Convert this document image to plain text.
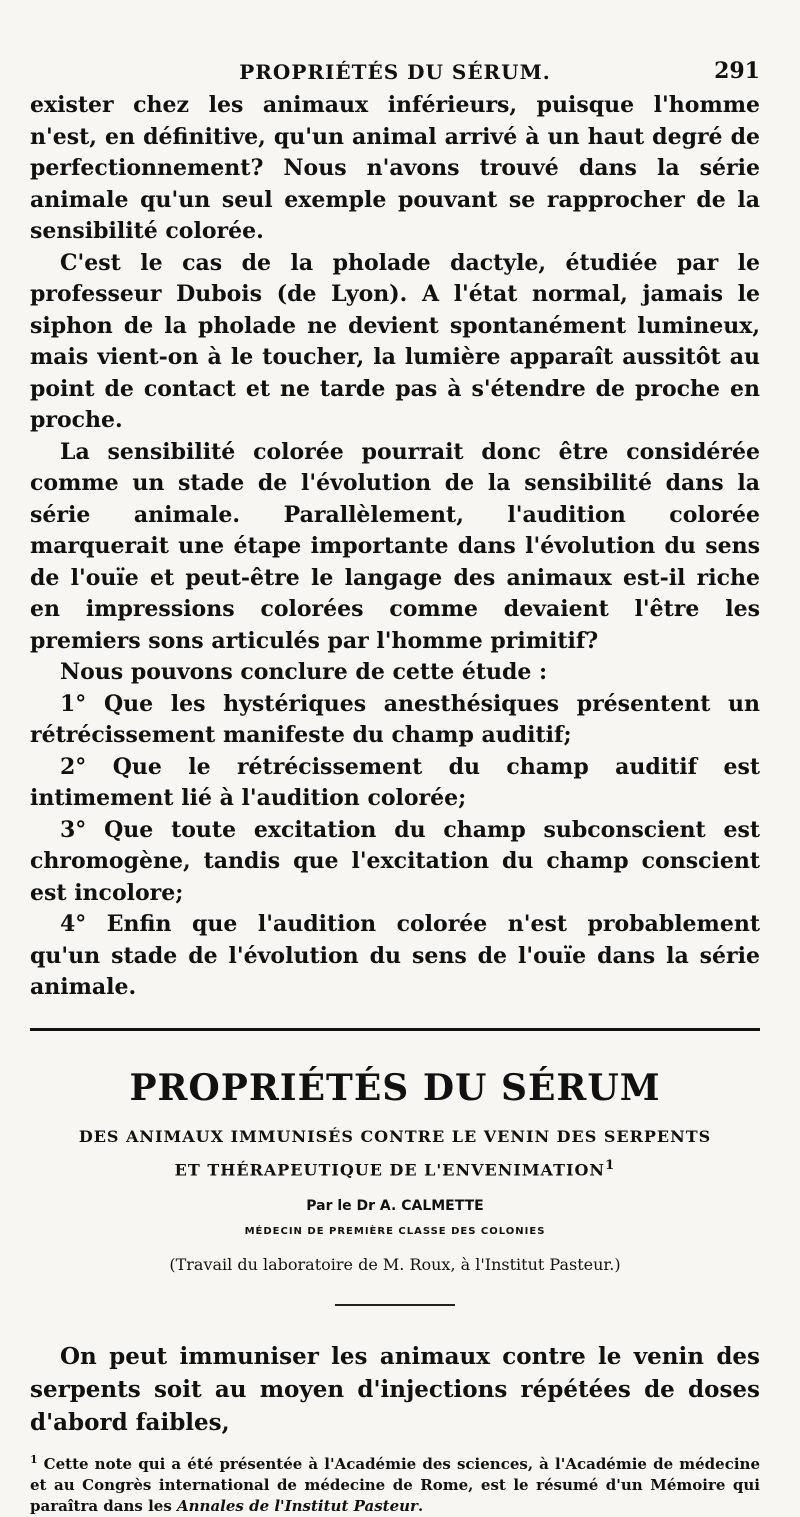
PROPRIÉTÉS DU SÉRUM.	291

exister chez les animaux inférieurs, puisque l'homme n'est, en définitive, qu'un animal arrivé à un haut degré de perfectionnement? Nous n'avons trouvé dans la série animale qu'un seul exemple pouvant se rapprocher de la sensibilité colorée.

C'est le cas de la pholade dactyle, étudiée par le professeur Dubois (de Lyon). A l'état normal, jamais le siphon de la pholade ne devient spontanément lumineux, mais vient-on à le toucher, la lumière apparaît aussitôt au point de contact et ne tarde pas à s'étendre de proche en proche.

La sensibilité colorée pourrait donc être considérée comme un stade de l'évolution de la sensibilité dans la série animale. Parallèlement, l'audition colorée marquerait une étape importante dans l'évolution du sens de l'ouïe et peut-être le langage des animaux est-il riche en impressions colorées comme devaient l'être les premiers sons articulés par l'homme primitif?

Nous pouvons conclure de cette étude :

1° Que les hystériques anesthésiques présentent un rétrécissement manifeste du champ auditif;

2° Que le rétrécissement du champ auditif est intimement lié à l'audition colorée;

3° Que toute excitation du champ subconscient est chromogène, tandis que l'excitation du champ conscient est incolore;

4° Enfin que l'audition colorée n'est probablement qu'un stade de l'évolution du sens de l'ouïe dans la série animale.

PROPRIÉTÉS DU SÉRUM
DES ANIMAUX IMMUNISÉS CONTRE LE VENIN DES SERPENTS
ET THÉRAPEUTIQUE DE L'ENVENIMATION$^1$
Par le Dr A. CALMETTE
MÉDECIN DE PREMIÈRE CLASSE DES COLONIES
(Travail du laboratoire de M. Roux, à l'Institut Pasteur.)

On peut immuniser les animaux contre le venin des serpents soit au moyen d'injections répétées de doses d'abord faibles,

$^1$ Cette note qui a été présentée à l'Académie des sciences, à l'Académie de médecine et au Congrès international de médecine de Rome, est le résumé d'un Mémoire qui paraîtra dans les Annales de l'Institut Pasteur.
